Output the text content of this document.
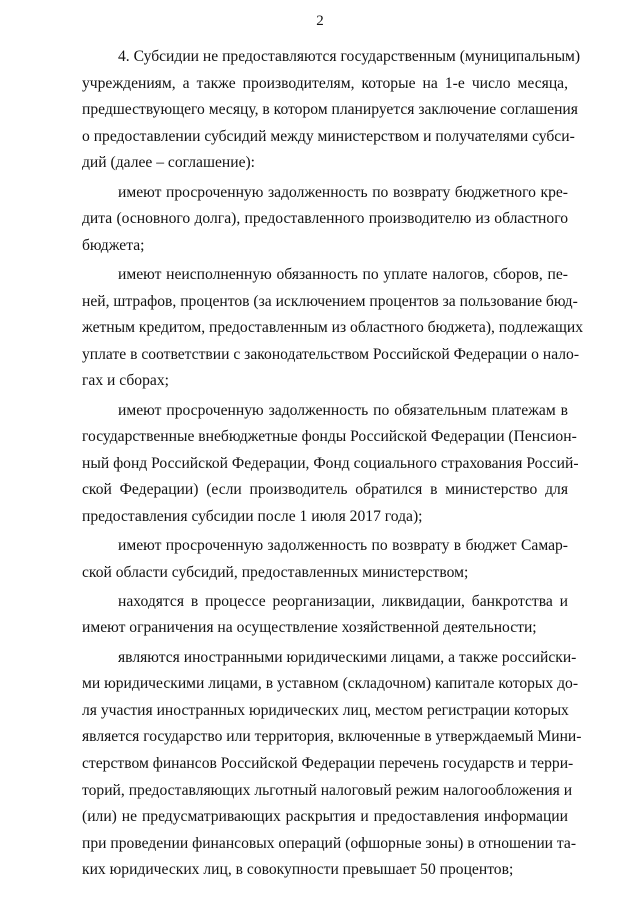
2
4. Субсидии не предоставляются государственным (муниципальным)
учреждениям, а также производителям, которые на 1-е число месяца,
предшествующего месяцу, в котором планируется заключение соглашения
о предоставлении субсидий между министерством и получателями субси-
дий (далее – соглашение):
имеют просроченную задолженность по возврату бюджетного кре-
дита (основного долга), предоставленного производителю из областного
бюджета;
имеют неисполненную обязанность по уплате налогов, сборов, пе-
ней, штрафов, процентов (за исключением процентов за пользование бюд-
жетным кредитом, предоставленным из областного бюджета), подлежащих
уплате в соответствии с законодательством Российской Федерации о нало-
гах и сборах;
имеют просроченную задолженность по обязательным платежам в
государственные внебюджетные фонды Российской Федерации (Пенсион-
ный фонд Российской Федерации, Фонд социального страхования Россий-
ской Федерации) (если производитель обратился в министерство для
предоставления субсидии после 1 июля 2017 года);
имеют просроченную задолженность по возврату в бюджет Самар-
ской области субсидий, предоставленных министерством;
находятся в процессе реорганизации, ликвидации, банкротства и
имеют ограничения на осуществление хозяйственной деятельности;
являются иностранными юридическими лицами, а также российски-
ми юридическими лицами, в уставном (складочном) капитале которых до-
ля участия иностранных юридических лиц, местом регистрации которых
является государство или территория, включенные в утверждаемый Мини-
стерством финансов Российской Федерации перечень государств и терри-
торий, предоставляющих льготный налоговый режим налогообложения и
(или) не предусматривающих раскрытия и предоставления информации
при проведении финансовых операций (офшорные зоны) в отношении та-
ких юридических лиц, в совокупности превышает 50 процентов;
